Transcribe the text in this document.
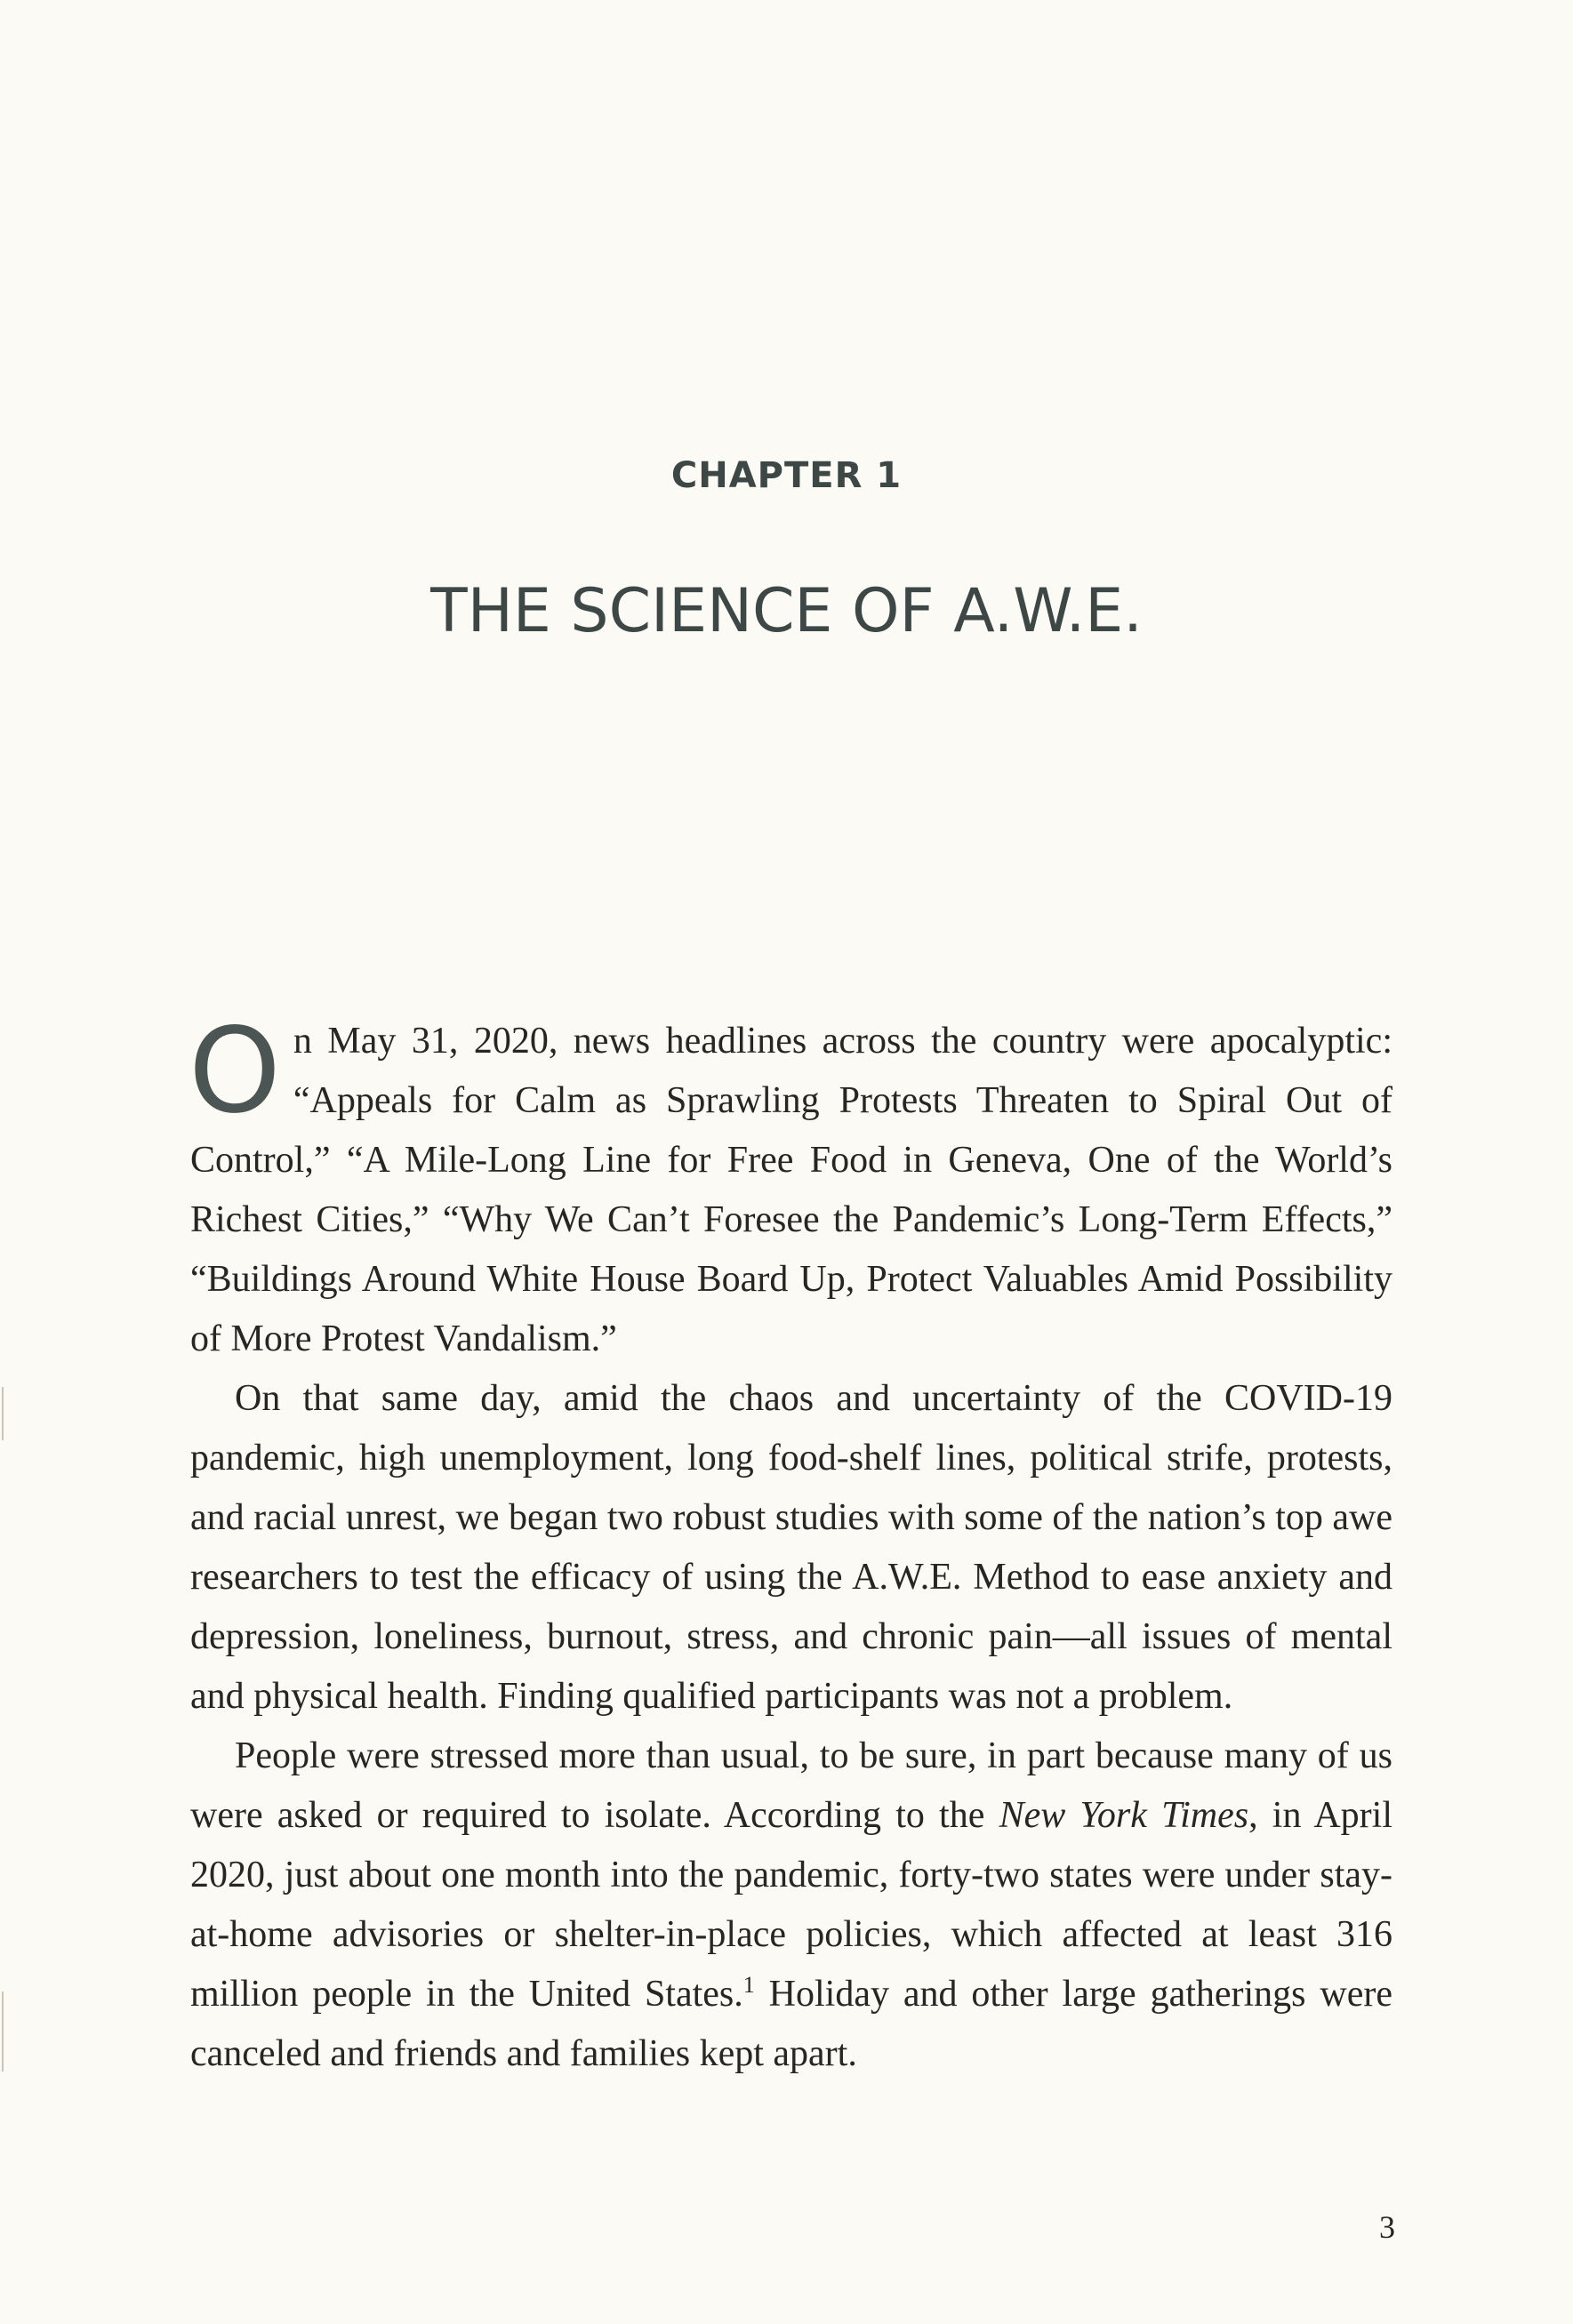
CHAPTER 1
THE SCIENCE OF A.W.E.

On May 31, 2020, news headlines across the country were apocalyptic: “Appeals for Calm as Sprawling Protests Threaten to Spiral Out of Control,” “A Mile-Long Line for Free Food in Geneva, One of the World’s Richest Cities,” “Why We Can’t Foresee the Pandemic’s Long-Term Effects,” “Buildings Around White House Board Up, Protect Valuables Amid Possibility of More Protest Vandalism.”

On that same day, amid the chaos and uncertainty of the COVID-19 pandemic, high unemployment, long food-shelf lines, political strife, protests, and racial unrest, we began two robust studies with some of the nation’s top awe researchers to test the efficacy of using the A.W.E. Method to ease anxiety and depression, loneliness, burnout, stress, and chronic pain—all issues of mental and physical health. Finding qualified participants was not a problem.

People were stressed more than usual, to be sure, in part because many of us were asked or required to isolate. According to the New York Times, in April 2020, just about one month into the pandemic, forty-two states were under stay-at-home advisories or shelter-in-place policies, which affected at least 316 million people in the United States.$^1$ Holiday and other large gatherings were canceled and friends and families kept apart.

3
